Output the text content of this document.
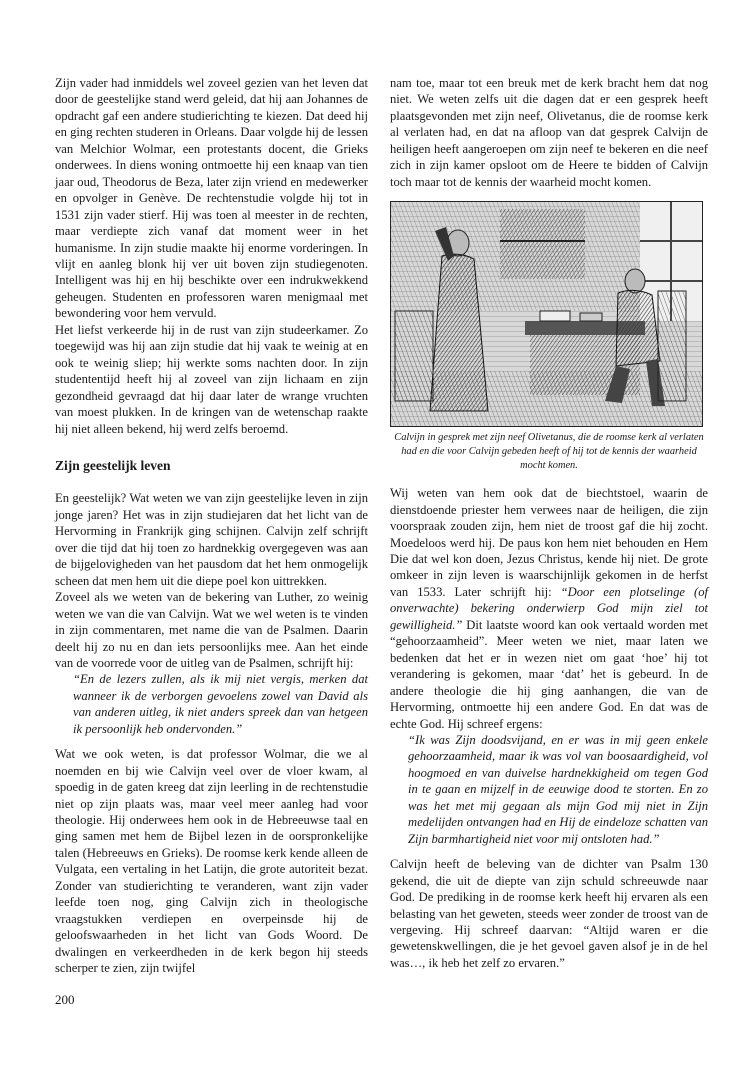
Zijn vader had inmiddels wel zoveel gezien van het leven dat door de geestelijke stand werd geleid, dat hij aan Johannes de opdracht gaf een andere studierichting te kiezen. Dat deed hij en ging rechten studeren in Orleans. Daar volgde hij de lessen van Melchior Wolmar, een protestants docent, die Grieks onderwees. In diens woning ontmoette hij een knaap van tien jaar oud, Theodorus de Beza, later zijn vriend en medewerker en opvolger in Genève. De rechtenstudie volgde hij tot in 1531 zijn vader stierf. Hij was toen al meester in de rechten, maar verdiepte zich vanaf dat moment weer in het humanisme. In zijn studie maakte hij enorme vorderingen. In vlijt en aanleg blonk hij ver uit boven zijn studiegenoten. Intelligent was hij en hij beschikte over een indrukwekkend geheugen. Studenten en professoren waren menigmaal met bewondering voor hem vervuld.

Het liefst verkeerde hij in de rust van zijn studeerkamer. Zo toegewijd was hij aan zijn studie dat hij vaak te weinig at en ook te weinig sliep; hij werkte soms nachten door. In zijn studententijd heeft hij al zoveel van zijn lichaam en zijn gezondheid gevraagd dat hij daar later de wrange vruchten van moest plukken. In de kringen van de wetenschap raakte hij niet alleen bekend, hij werd zelfs beroemd.

Zijn geestelijk leven

En geestelijk? Wat weten we van zijn geestelijke leven in zijn jonge jaren? Het was in zijn studiejaren dat het licht van de Hervorming in Frankrijk ging schijnen. Calvijn zelf schrijft over die tijd dat hij toen zo hardnekkig overgegeven was aan de bijgelovigheden van het pausdom dat het hem onmogelijk scheen dat men hem uit die diepe poel kon uittrekken.

Zoveel als we weten van de bekering van Luther, zo weinig weten we van die van Calvijn. Wat we wel weten is te vinden in zijn commentaren, met name die van de Psalmen. Daarin deelt hij zo nu en dan iets persoonlijks mee. Aan het einde van de voorrede voor de uitleg van de Psalmen, schrijft hij:

“En de lezers zullen, als ik mij niet vergis, merken dat wanneer ik de verborgen gevoelens zowel van David als van anderen uitleg, ik niet anders spreek dan van hetgeen ik persoonlijk heb ondervonden.”

Wat we ook weten, is dat professor Wolmar, die we al noemden en bij wie Calvijn veel over de vloer kwam, al spoedig in de gaten kreeg dat zijn leerling in de rechtenstudie niet op zijn plaats was, maar veel meer aanleg had voor theologie. Hij onderwees hem ook in de Hebreeuwse taal en ging samen met hem de Bijbel lezen in de oorspronkelijke talen (Hebreeuws en Grieks). De roomse kerk kende alleen de Vulgata, een vertaling in het Latijn, die grote autoriteit bezat. Zonder van studierichting te veranderen, want zijn vader leefde toen nog, ging Calvijn zich in theologische vraagstukken verdiepen en overpeinsde hij de geloofswaarheden in het licht van Gods Woord. De dwalingen en verkeerdheden in de kerk begon hij steeds scherper te zien, zijn twijfel

nam toe, maar tot een breuk met de kerk bracht hem dat nog niet. We weten zelfs uit die dagen dat er een gesprek heeft plaatsgevonden met zijn neef, Olivetanus, die de roomse kerk al verlaten had, en dat na afloop van dat gesprek Calvijn de heiligen heeft aangeroepen om zijn neef te bekeren en die neef zich in zijn kamer opsloot om de Heere te bidden of Calvijn toch maar tot de kennis der waarheid mocht komen.

Calvijn in gesprek met zijn neef Olivetanus, die de roomse kerk al verlaten had en die voor Calvijn gebeden heeft of hij tot de kennis der waarheid mocht komen.

Wij weten van hem ook dat de biechtstoel, waarin de dienstdoende priester hem verwees naar de heiligen, die zijn voorspraak zouden zijn, hem niet de troost gaf die hij zocht. Moedeloos werd hij. De paus kon hem niet behouden en Hem Die dat wel kon doen, Jezus Christus, kende hij niet. De grote omkeer in zijn leven is waarschijnlijk gekomen in de herfst van 1533. Later schrijft hij: “Door een plotselinge (of onverwachte) bekering onderwierp God mijn ziel tot gewilligheid.” Dit laatste woord kan ook vertaald worden met “gehoorzaamheid”. Meer weten we niet, maar laten we bedenken dat het er in wezen niet om gaat ‘hoe’ hij tot verandering is gekomen, maar ‘dat’ het is gebeurd. In de andere theologie die hij ging aanhangen, die van de Hervorming, ontmoette hij een andere God. En dat was de echte God. Hij schreef ergens:

“Ik was Zijn doodsvijand, en er was in mij geen enkele gehoorzaamheid, maar ik was vol van boosaardigheid, vol hoogmoed en van duivelse hardnekkigheid om tegen God in te gaan en mijzelf in de eeuwige dood te storten. En zo was het met mij gegaan als mijn God mij niet in Zijn medelijden ontvangen had en Hij de eindeloze schatten van Zijn barmhartigheid niet voor mij ontsloten had.”

Calvijn heeft de beleving van de dichter van Psalm 130 gekend, die uit de diepte van zijn schuld schreeuwde naar God. De prediking in de roomse kerk heeft hij ervaren als een belasting van het geweten, steeds weer zonder de troost van de vergeving. Hij schreef daarvan: “Altijd waren er die gewetenskwellingen, die je het gevoel gaven alsof je in de hel was…, ik heb het zelf zo ervaren.”

200
